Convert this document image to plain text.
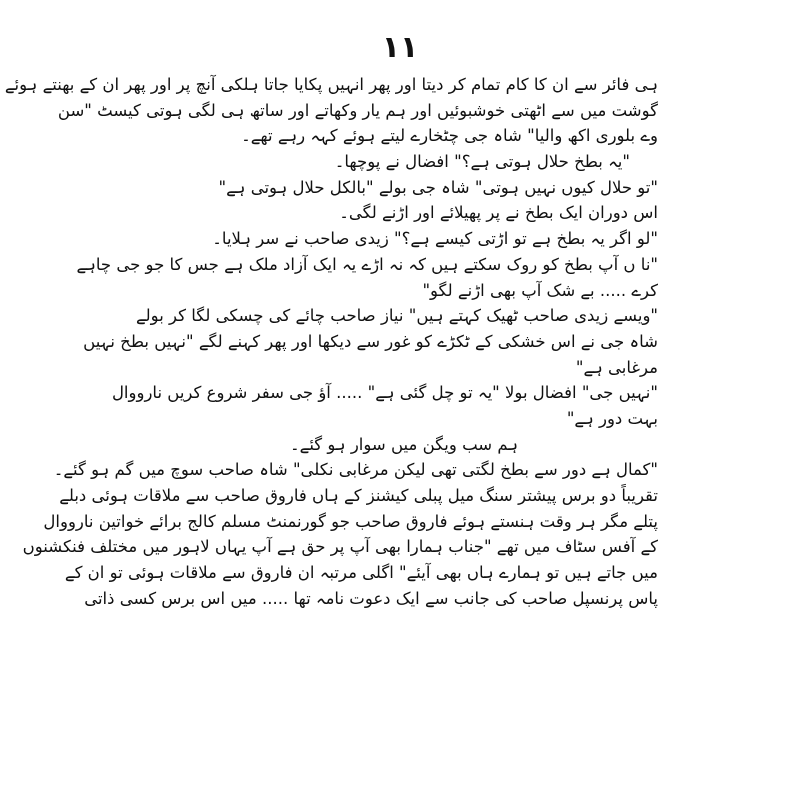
١١
ہی فائر سے ان کا کام تمام کر دیتا اور پھر انہیں پکایا جاتا ہلکی آنچ پر اور پھر ان کے بھنتے ہوئے
گوشت میں سے اٹھتی خوشبوئیں اور ہم یار وکھاتے اور ساتھ ہی لگی ہوتی کیسٹ "سن
وے بلوری اکھ والیا" شاہ جی چٹخارے لیتے ہوئے کہہ رہے تھے۔
"یہ بطخ حلال ہوتی ہے؟" افضال نے پوچھا۔
"تو حلال کیوں نہیں ہوتی" شاہ جی بولے "بالکل حلال ہوتی ہے"
اس دوران ایک بطخ نے پر پھیلائے اور اڑنے لگی۔
"لو اگر یہ بطخ ہے تو اڑتی کیسے ہے؟" زیدی صاحب نے سر ہلایا۔
"نا ں آپ بطخ کو روک سکتے ہیں کہ نہ اڑے یہ ایک آزاد ملک ہے جس کا جو جی چاہے
کرے ..... بے شک آپ بھی اڑنے لگو"
"ویسے زیدی صاحب ٹھیک کہتے ہیں" نیاز صاحب چائے کی چسکی لگا کر بولے
شاہ جی نے اس خشکی کے ٹکڑے کو غور سے دیکھا اور پھر کہنے لگے "نہیں بطخ نہیں
مرغابی ہے"
"نہیں جی" افضال بولا "یہ تو چل گئی ہے" ..... آؤ جی سفر شروع کریں نارووال
بہت دور ہے"
ہم سب ویگن میں سوار ہو گئے۔
"کمال ہے دور سے بطخ لگتی تھی لیکن مرغابی نکلی" شاہ صاحب سوچ میں گم ہو گئے۔
تقریباً دو برس پیشتر سنگ میل پبلی کیشنز کے ہاں فاروق صاحب سے ملاقات ہوئی دبلے
پتلے مگر ہر وقت ہنستے ہوئے فاروق صاحب جو گورنمنٹ مسلم کالج برائے خواتین نارووال
کے آفس سٹاف میں تھے "جناب ہمارا بھی آپ پر حق ہے آپ یہاں لاہور میں مختلف فنکشنوں
میں جاتے ہیں تو ہمارے ہاں بھی آیئے" اگلی مرتبہ ان فاروق سے ملاقات ہوئی تو ان کے
پاس پرنسپل صاحب کی جانب سے ایک دعوت نامہ تھا ..... میں اس برس کسی ذاتی
